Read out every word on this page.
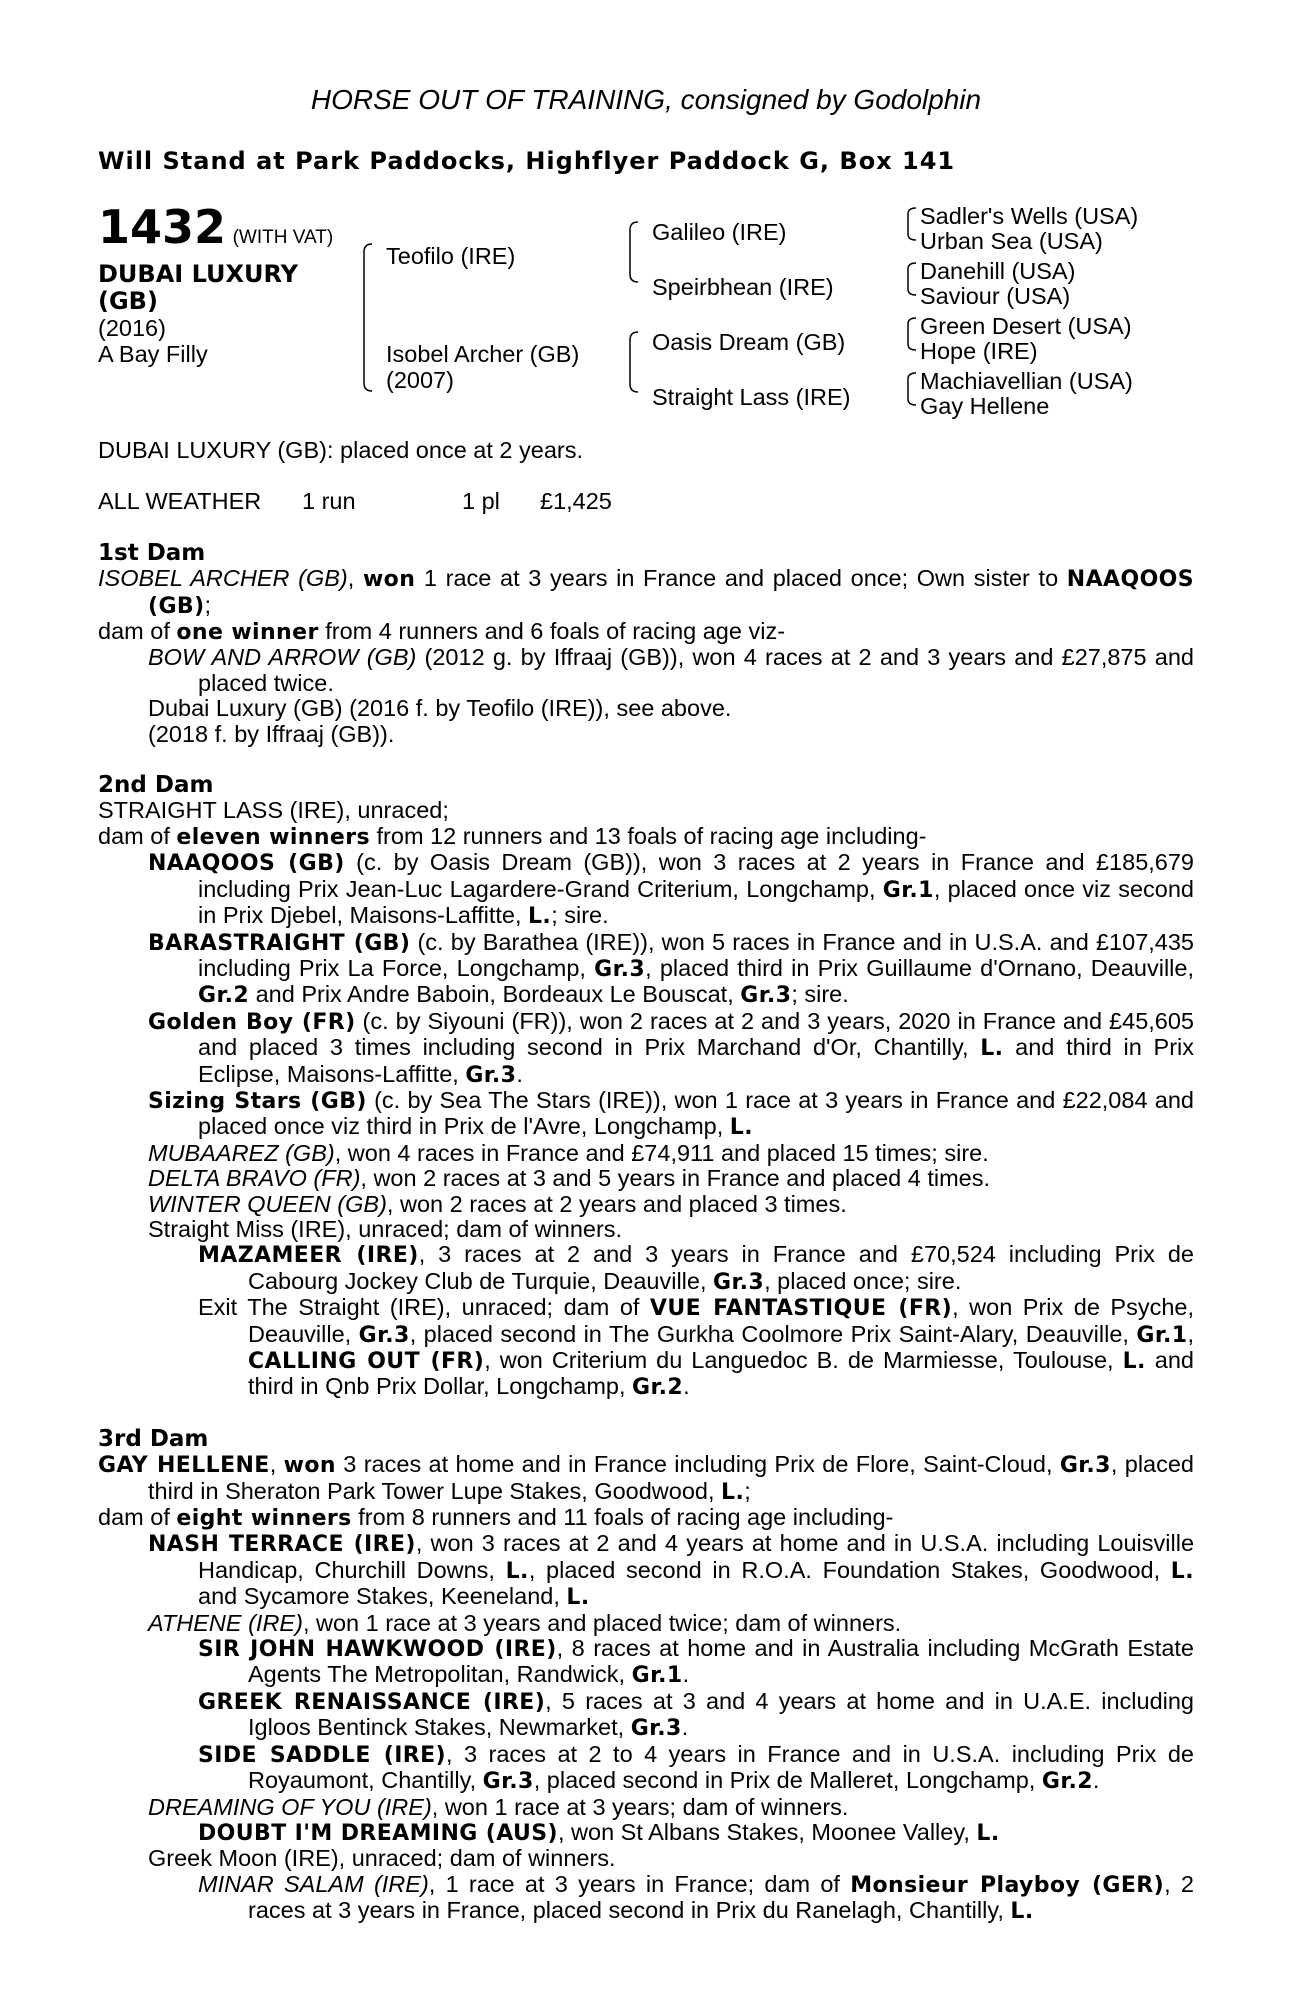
HORSE OUT OF TRAINING, consigned by Godolphin
Will Stand at Park Paddocks, Highflyer Paddock G, Box 141
1432 (WITH VAT)
DUBAI LUXURY
(GB)
(2016)
A Bay Filly
Teofilo (IRE)
Isobel Archer (GB)
(2007)
Galileo (IRE)
Speirbhean (IRE)
Oasis Dream (GB)
Straight Lass (IRE)
Sadler's Wells (USA)
Urban Sea (USA)
Danehill (USA)
Saviour (USA)
Green Desert (USA)
Hope (IRE)
Machiavellian (USA)
Gay Hellene

DUBAI LUXURY (GB): placed once at 2 years.

ALL WEATHER 1 run	1 pl £1,425

1st Dam

ISOBEL ARCHER (GB), won 1 race at 3 years in France and placed once; Own sister to NAAQOOS (GB);

dam of one winner from 4 runners and 6 foals of racing age viz-

BOW AND ARROW (GB) (2012 g. by Iffraaj (GB)), won 4 races at 2 and 3 years and £27,875 and placed twice.

Dubai Luxury (GB) (2016 f. by Teofilo (IRE)), see above.

(2018 f. by Iffraaj (GB)).

2nd Dam

STRAIGHT LASS (IRE), unraced;

dam of eleven winners from 12 runners and 13 foals of racing age including-

NAAQOOS (GB) (c. by Oasis Dream (GB)), won 3 races at 2 years in France and £185,679 including Prix Jean-Luc Lagardere-Grand Criterium, Longchamp, Gr.1, placed once viz second in Prix Djebel, Maisons-Laffitte, L.; sire.

BARASTRAIGHT (GB) (c. by Barathea (IRE)), won 5 races in France and in U.S.A. and £107,435 including Prix La Force, Longchamp, Gr.3, placed third in Prix Guillaume d'Ornano, Deauville, Gr.2 and Prix Andre Baboin, Bordeaux Le Bouscat, Gr.3; sire.

Golden Boy (FR) (c. by Siyouni (FR)), won 2 races at 2 and 3 years, 2020 in France and £45,605 and placed 3 times including second in Prix Marchand d'Or, Chantilly, L. and third in Prix Eclipse, Maisons-Laffitte, Gr.3.

Sizing Stars (GB) (c. by Sea The Stars (IRE)), won 1 race at 3 years in France and £22,084 and placed once viz third in Prix de l'Avre, Longchamp, L.

MUBAAREZ (GB), won 4 races in France and £74,911 and placed 15 times; sire.

DELTA BRAVO (FR), won 2 races at 3 and 5 years in France and placed 4 times.

WINTER QUEEN (GB), won 2 races at 2 years and placed 3 times.

Straight Miss (IRE), unraced; dam of winners.

MAZAMEER (IRE), 3 races at 2 and 3 years in France and £70,524 including Prix de Cabourg Jockey Club de Turquie, Deauville, Gr.3, placed once; sire.

Exit The Straight (IRE), unraced; dam of VUE FANTASTIQUE (FR), won Prix de Psyche, Deauville, Gr.3, placed second in The Gurkha Coolmore Prix Saint-Alary, Deauville, Gr.1, CALLING OUT (FR), won Criterium du Languedoc B. de Marmiesse, Toulouse, L. and third in Qnb Prix Dollar, Longchamp, Gr.2.

3rd Dam

GAY HELLENE, won 3 races at home and in France including Prix de Flore, Saint-Cloud, Gr.3, placed third in Sheraton Park Tower Lupe Stakes, Goodwood, L.;

dam of eight winners from 8 runners and 11 foals of racing age including-

NASH TERRACE (IRE), won 3 races at 2 and 4 years at home and in U.S.A. including Louisville Handicap, Churchill Downs, L., placed second in R.O.A. Foundation Stakes, Goodwood, L. and Sycamore Stakes, Keeneland, L.

ATHENE (IRE), won 1 race at 3 years and placed twice; dam of winners.

SIR JOHN HAWKWOOD (IRE), 8 races at home and in Australia including McGrath Estate Agents The Metropolitan, Randwick, Gr.1.

GREEK RENAISSANCE (IRE), 5 races at 3 and 4 years at home and in U.A.E. including Igloos Bentinck Stakes, Newmarket, Gr.3.

SIDE SADDLE (IRE), 3 races at 2 to 4 years in France and in U.S.A. including Prix de Royaumont, Chantilly, Gr.3, placed second in Prix de Malleret, Longchamp, Gr.2.

DREAMING OF YOU (IRE), won 1 race at 3 years; dam of winners.

DOUBT I'M DREAMING (AUS), won St Albans Stakes, Moonee Valley, L.

Greek Moon (IRE), unraced; dam of winners.

MINAR SALAM (IRE), 1 race at 3 years in France; dam of Monsieur Playboy (GER), 2 races at 3 years in France, placed second in Prix du Ranelagh, Chantilly, L.
